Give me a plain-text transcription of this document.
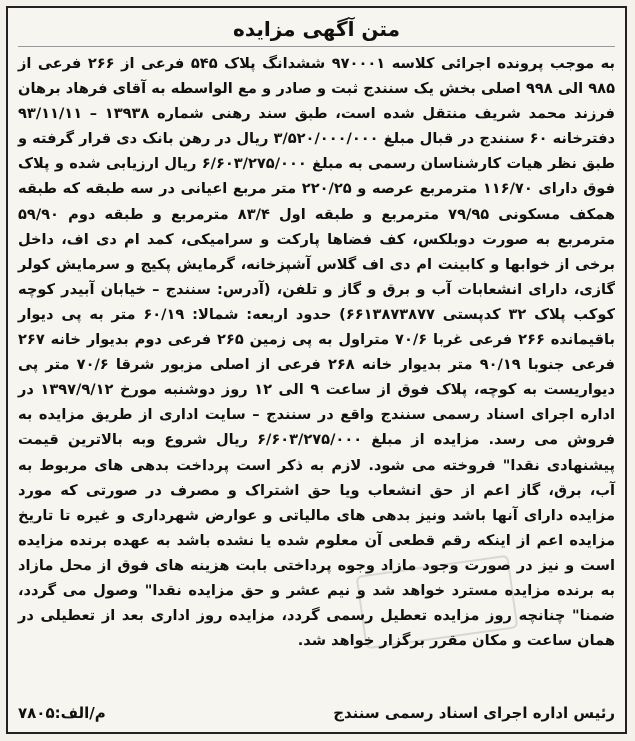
متن آگهی مزایده
به موجب پرونده اجرائی کلاسه ۹۷۰۰۰۱ ششدانگ پلاک ۵۴۵ فرعی از ۲۶۶ فرعی از ۹۸۵ الی ۹۹۸ اصلی بخش یک سنندج ثبت و صادر و مع الواسطه به آقای فرهاد برهان فرزند محمد شریف منتقل شده است، طبق سند رهنی شماره ۱۳۹۳۸ – ۹۳/۱۱/۱۱ دفترخانه ۶۰ سنندج در قبال مبلغ ۳/۵۲۰/۰۰۰/۰۰۰ ریال در رهن بانک دی قرار گرفته و طبق نظر هیات کارشناسان رسمی به مبلغ ۶/۶۰۳/۲۷۵/۰۰۰ ریال ارزیابی شده و پلاک فوق دارای ۱۱۶/۷۰ مترمربع عرصه و ۲۲۰/۲۵ متر مربع اعیانی در سه طبقه که طبقه همکف مسکونی ۷۹/۹۵ مترمربع و طبقه اول ۸۳/۴ مترمربع و طبقه دوم ۵۹/۹۰ مترمربع به صورت دوبلکس، کف فضاها پارکت و سرامیکی، کمد ام دی اف، داخل برخی از خوابها و کابینت ام دی اف گلاس آشپزخانه، گرمایش پکیج و سرمایش کولر گازی، دارای انشعابات آب و برق و گاز و تلفن، (آدرس: سنندج – خیابان آبیدر کوچه کوکب پلاک ۳۲ کدپستی ۶۶۱۳۸۷۳۸۷۷) حدود اربعه: شمالا: ۶۰/۱۹ متر به پی دیوار باقیمانده ۲۶۶ فرعی غربا ۷۰/۶ متراول به پی زمین ۲۶۵ فرعی دوم بدیوار خانه ۲۶۷ فرعی جنوبا ۹۰/۱۹ متر بدیوار خانه ۲۶۸ فرعی از اصلی مزبور شرقا ۷۰/۶ متر پی دیواریست به کوچه، پلاک فوق از ساعت ۹ الی ۱۲ روز دوشنبه مورخ ۱۳۹۷/۹/۱۲ در اداره اجرای اسناد رسمی سنندج واقع در سنندج – سایت اداری از طریق مزایده به فروش می رسد. مزایده از مبلغ ۶/۶۰۳/۲۷۵/۰۰۰ ریال شروع وبه بالاترین قیمت پیشنهادی نقدا" فروخته می شود. لازم به ذکر است پرداخت بدهی های مربوط به آب، برق، گاز اعم از حق انشعاب ویا حق اشتراک و مصرف در صورتی که مورد مزایده دارای آنها باشد ونیز بدهی های مالیاتی و عوارض شهرداری و غیره تا تاریخ مزایده اعم از اینکه رقم قطعی آن معلوم شده یا نشده باشد به عهده برنده مزایده است و نیز در صورت وجود مازاد وجوه پرداختی بابت هزینه های فوق از محل مازاد به برنده مزایده مسترد خواهد شد و نیم عشر و حق مزایده نقدا" وصول می گردد، ضمنا" چنانچه روز مزایده تعطیل رسمی گردد، مزایده روز اداری بعد از تعطیلی در همان ساعت و مکان مقرر برگزار خواهد شد.
رئیس اداره اجرای اسناد رسمی سنندج
م/الف:۷۸۰۵
